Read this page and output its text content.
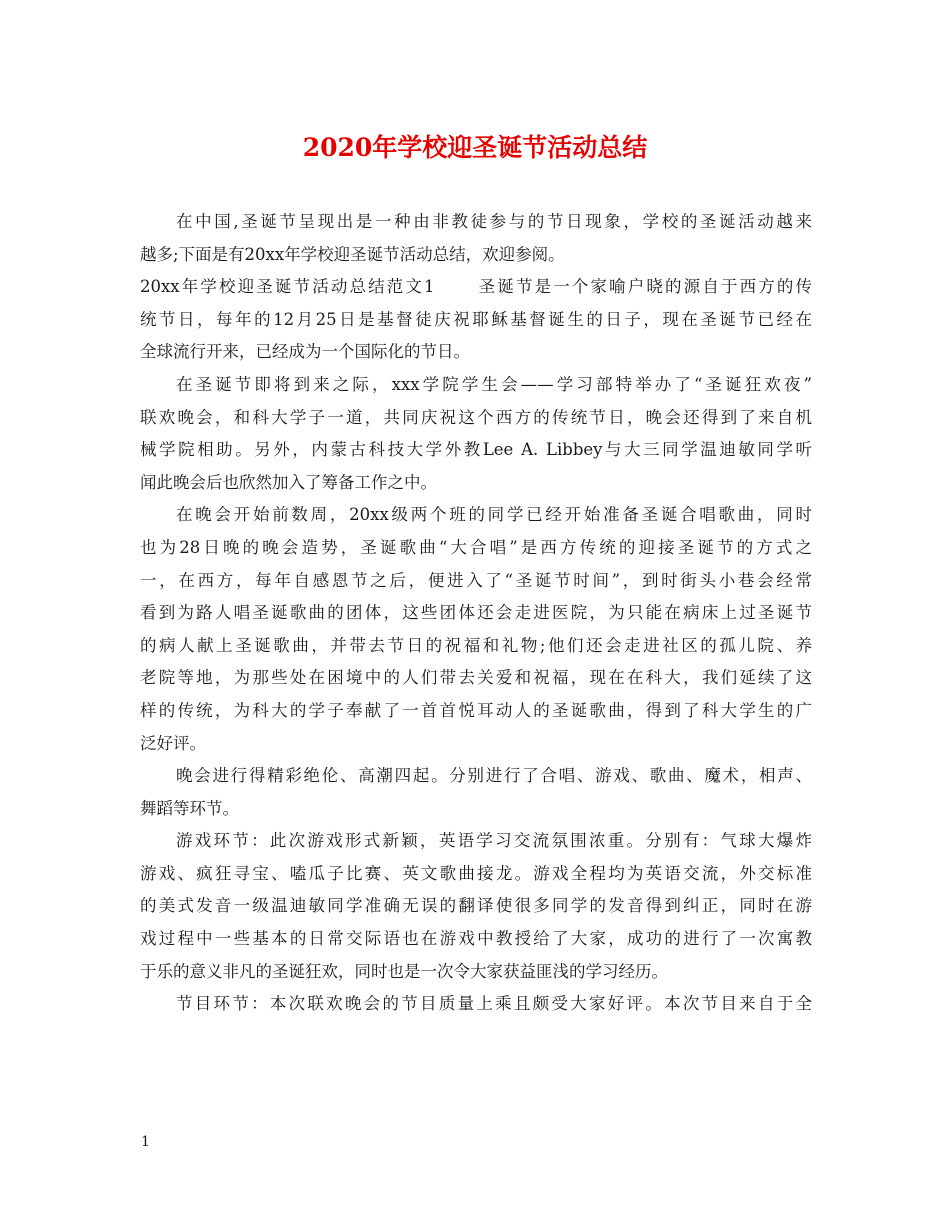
2020年学校迎圣诞节活动总结
在中国,圣诞节呈现出是一种由非教徒参与的节日现象，学校的圣诞活动越来
越多;下面是有20xx年学校迎圣诞节活动总结，欢迎参阅。
20xx年学校迎圣诞节活动总结范文1	圣诞节是一个家喻户晓的源自于西方的传
统节日，每年的12月25日是基督徒庆祝耶稣基督诞生的日子，现在圣诞节已经在
全球流行开来，已经成为一个国际化的节日。
在圣诞节即将到来之际，xxx学院学生会——学习部特举办了“圣诞狂欢夜”
联欢晚会，和科大学子一道，共同庆祝这个西方的传统节日，晚会还得到了来自机
械学院相助。另外，内蒙古科技大学外教Lee A. Libbey与大三同学温迪敏同学听
闻此晚会后也欣然加入了筹备工作之中。
在晚会开始前数周，20xx级两个班的同学已经开始准备圣诞合唱歌曲，同时
也为28日晚的晚会造势，圣诞歌曲“大合唱”是西方传统的迎接圣诞节的方式之
一，在西方，每年自感恩节之后，便进入了“圣诞节时间”，到时街头小巷会经常
看到为路人唱圣诞歌曲的团体，这些团体还会走进医院，为只能在病床上过圣诞节
的病人献上圣诞歌曲，并带去节日的祝福和礼物;他们还会走进社区的孤儿院、养
老院等地，为那些处在困境中的人们带去关爱和祝福，现在在科大，我们延续了这
样的传统，为科大的学子奉献了一首首悦耳动人的圣诞歌曲，得到了科大学生的广
泛好评。
晚会进行得精彩绝伦、高潮四起。分别进行了合唱、游戏、歌曲、魔术，相声、
舞蹈等环节。
游戏环节：此次游戏形式新颖，英语学习交流氛围浓重。分别有：气球大爆炸
游戏、疯狂寻宝、嗑瓜子比赛、英文歌曲接龙。游戏全程均为英语交流，外交标准
的美式发音一级温迪敏同学准确无误的翻译使很多同学的发音得到纠正，同时在游
戏过程中一些基本的日常交际语也在游戏中教授给了大家，成功的进行了一次寓教
于乐的意义非凡的圣诞狂欢，同时也是一次令大家获益匪浅的学习经历。
节目环节：本次联欢晚会的节目质量上乘且颇受大家好评。本次节目来自于全
1
